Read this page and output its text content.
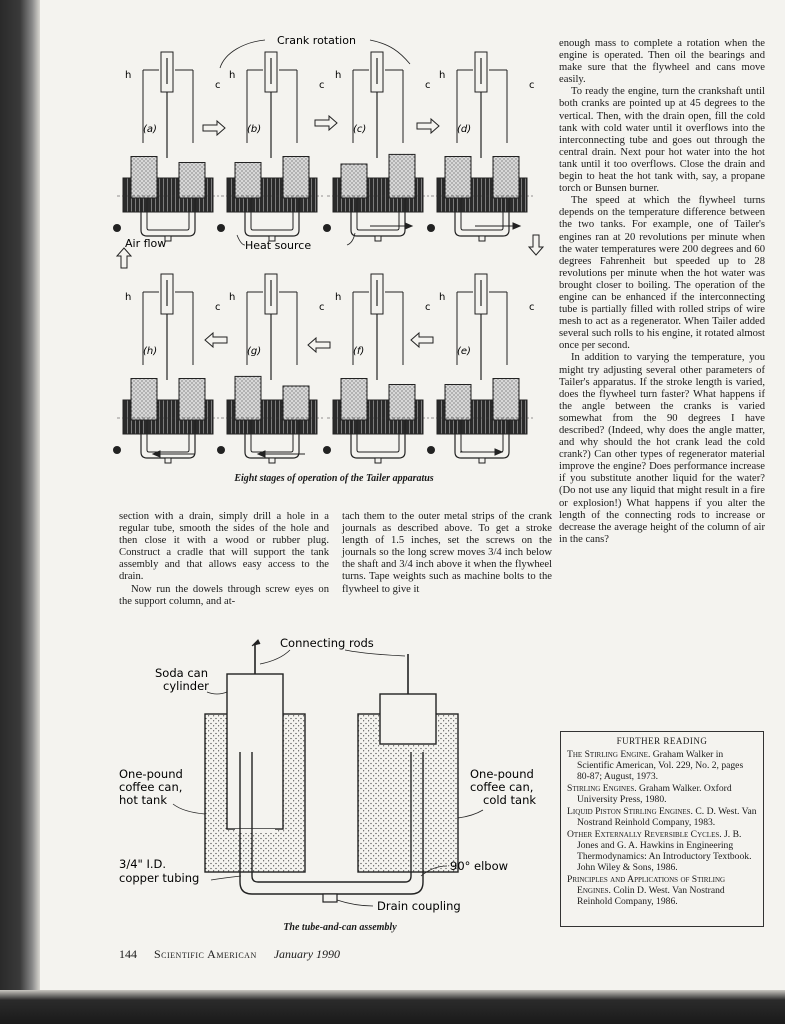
Crank rotation
(a)
h
c
(b)
h
c
(c)
h
c
(d)
h
c
(h)
h
c
(g)
h
c
(f)
h
c
(e)
h
c
Air flow	Heat source
Eight stages of operation of the Tailer apparatus

enough mass to complete a rotation when the engine is operated. Then oil the bearings and make sure that the flywheel and cans move easily.

To ready the engine, turn the crankshaft until both cranks are pointed up at 45 degrees to the vertical. Then, with the drain open, fill the cold tank with cold water until it overflows into the interconnecting tube and goes out through the central drain. Next pour hot water into the hot tank until it too overflows. Close the drain and begin to heat the hot tank with, say, a propane torch or Bunsen burner.

The speed at which the flywheel turns depends on the temperature difference between the two tanks. For example, one of Tailer's engines ran at 20 revolutions per minute when the water temperatures were 200 degrees and 60 degrees Fahrenheit but speeded up to 28 revolutions per minute when the hot water was brought closer to boiling. The operation of the engine can be enhanced if the interconnecting tube is partially filled with rolled strips of wire mesh to act as a regenerator. When Tailer added several such rolls to his engine, it rotated almost once per second.

In addition to varying the temperature, you might try adjusting several other parameters of Tailer's apparatus. If the stroke length is varied, does the flywheel turn faster? What happens if the angle between the cranks is varied somewhat from the 90 degrees I have described? (Indeed, why does the angle matter, and why should the hot crank lead the cold crank?) Can other types of regenerator material improve the engine? Does performance increase if you substitute another liquid for the water? (Do not use any liquid that might result in a fire or explosion!) What happens if you alter the length of the connecting rods to increase or decrease the average height of the column of air in the cans?

section with a drain, simply drill a hole in a regular tube, smooth the sides of the hole and then close it with a wood or rubber plug. Construct a cradle that will support the tank assembly and that allows easy access to the drain.

Now run the dowels through screw eyes on the support column, and at-

tach them to the outer metal strips of the crank journals as described above. To get a stroke length of 1.5 inches, set the screws on the journals so the long screw moves 3/4 inch below the shaft and 3/4 inch above it when the flywheel turns. Tape weights such as machine bolts to the flywheel to give it

Connecting rods
Soda can
cylinder
One-pound
coffee can,
hot tank
One-pound
coffee can,
cold tank
3/4" I.D.
copper tubing
90° elbow
Drain coupling
The tube-and-can assembly
FURTHER READING

The Stirling Engine. Graham Walker in Scientific American, Vol. 229, No. 2, pages 80-87; August, 1973.

Stirling Engines. Graham Walker. Oxford University Press, 1980.

Liquid Piston Stirling Engines. C. D. West. Van Nostrand Reinhold Company, 1983.

Other Externally Reversible Cycles. J. B. Jones and G. A. Hawkins in Engineering Thermodynamics: An Introductory Textbook. John Wiley & Sons, 1986.

Principles and Applications of Stirling Engines. Colin D. West. Van Nostrand Reinhold Company, 1986.

144 Scientific American January 1990
